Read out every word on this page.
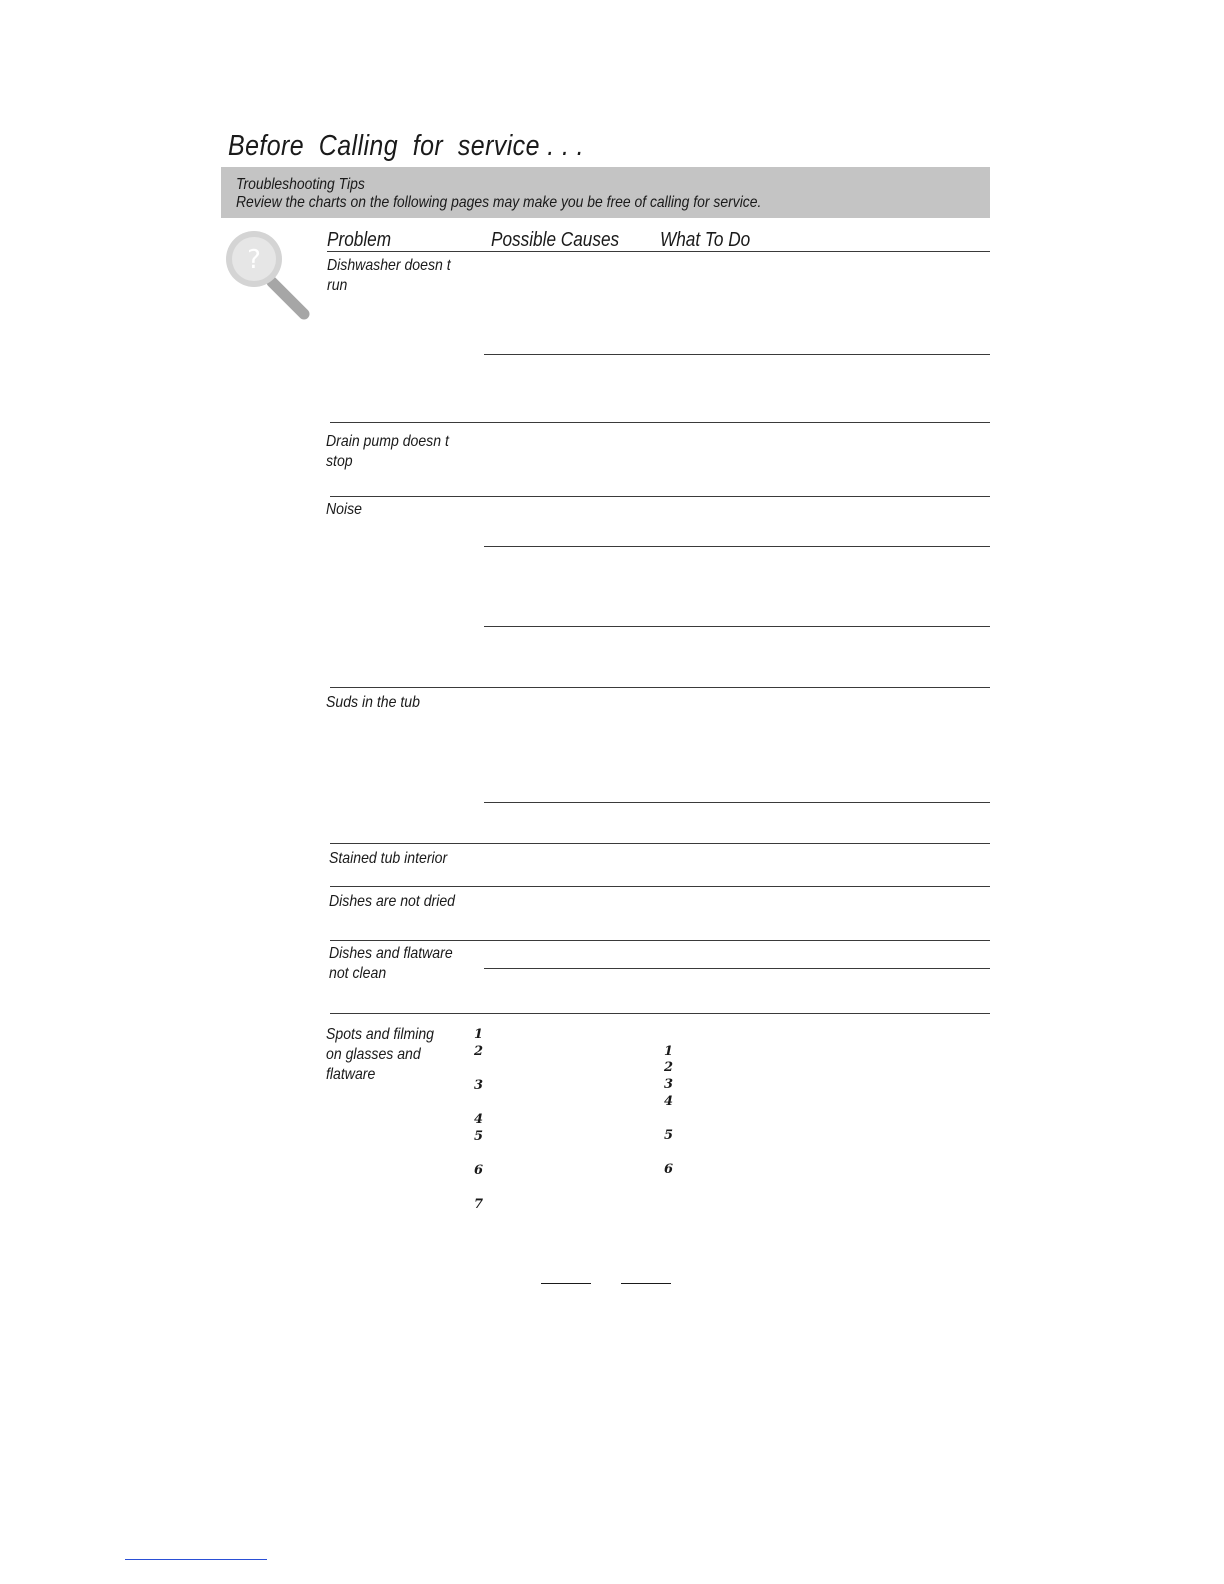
Before  Calling  for  service . . .
Troubleshooting Tips
Review the charts on the following pages may make you be free of calling for service.
?
Problem	Possible Causes What To Do
Dishwasher doesn t
run
Drain pump doesn t
stop
Noise
Suds in the tub
Stained tub interior
Dishes are not dried
Dishes and flatware
not clean
Spots and filming
on glasses and
flatware
1
2
3
4
5
6
7
1
2
3
4
5
6
